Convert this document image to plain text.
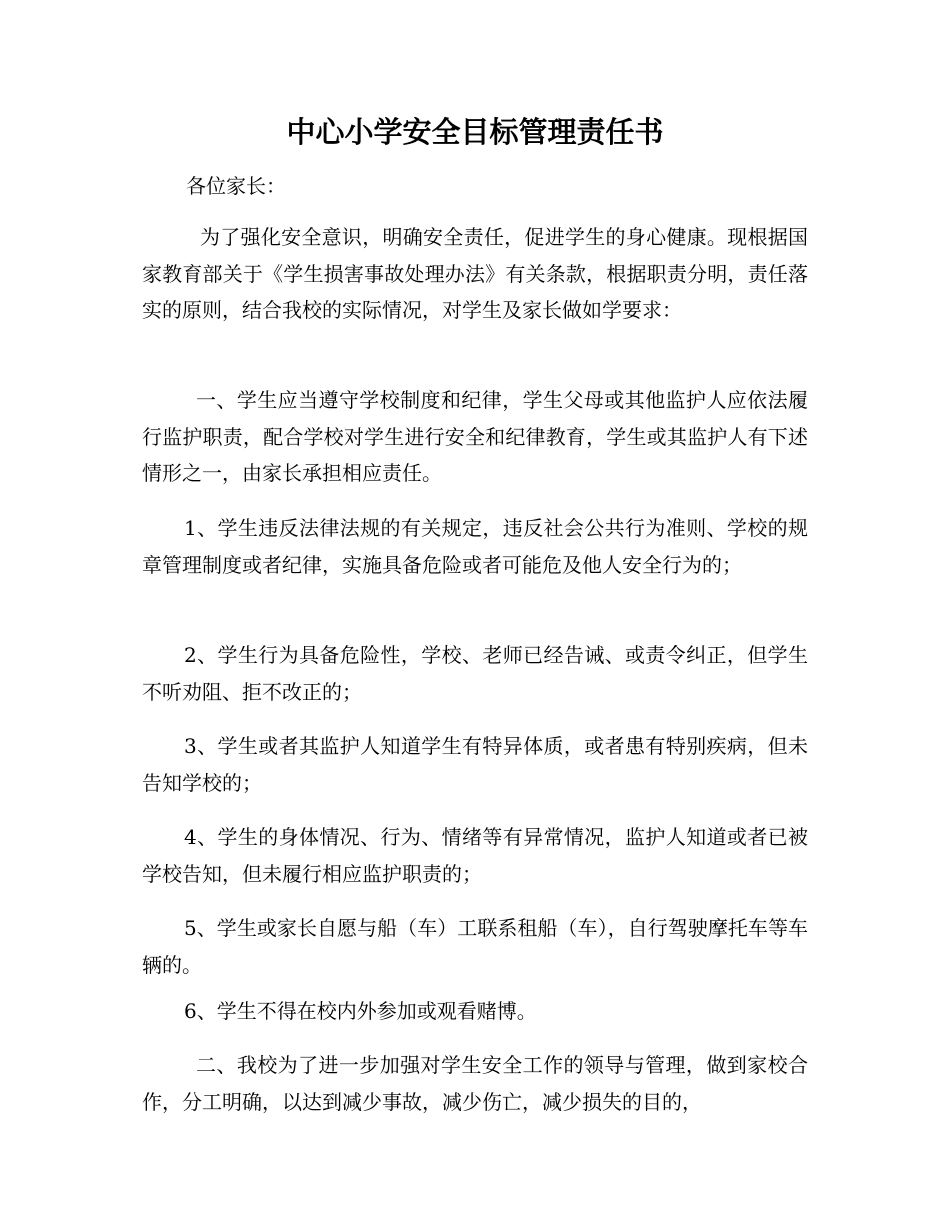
中心小学安全目标管理责任书

各位家长：

为了强化安全意识，明确安全责任，促进学生的身心健康。现根据国家教育部关于《学生损害事故处理办法》有关条款，根据职责分明，责任落实的原则，结合我校的实际情况，对学生及家长做如学要求：

一、学生应当遵守学校制度和纪律，学生父母或其他监护人应依法履行监护职责，配合学校对学生进行安全和纪律教育，学生或其监护人有下述情形之一，由家长承担相应责任。

1、学生违反法律法规的有关规定，违反社会公共行为准则、学校的规章管理制度或者纪律，实施具备危险或者可能危及他人安全行为的；

2、学生行为具备危险性，学校、老师已经告诫、或责令纠正，但学生不听劝阻、拒不改正的；

3、学生或者其监护人知道学生有特异体质，或者患有特别疾病，但未告知学校的；

4、学生的身体情况、行为、情绪等有异常情况，监护人知道或者已被学校告知，但未履行相应监护职责的；

5、学生或家长自愿与船（车）工联系租船（车），自行驾驶摩托车等车辆的。

6、学生不得在校内外参加或观看赌博。

二、我校为了进一步加强对学生安全工作的领导与管理，做到家校合作，分工明确，以达到减少事故，减少伤亡，减少损失的目的，
